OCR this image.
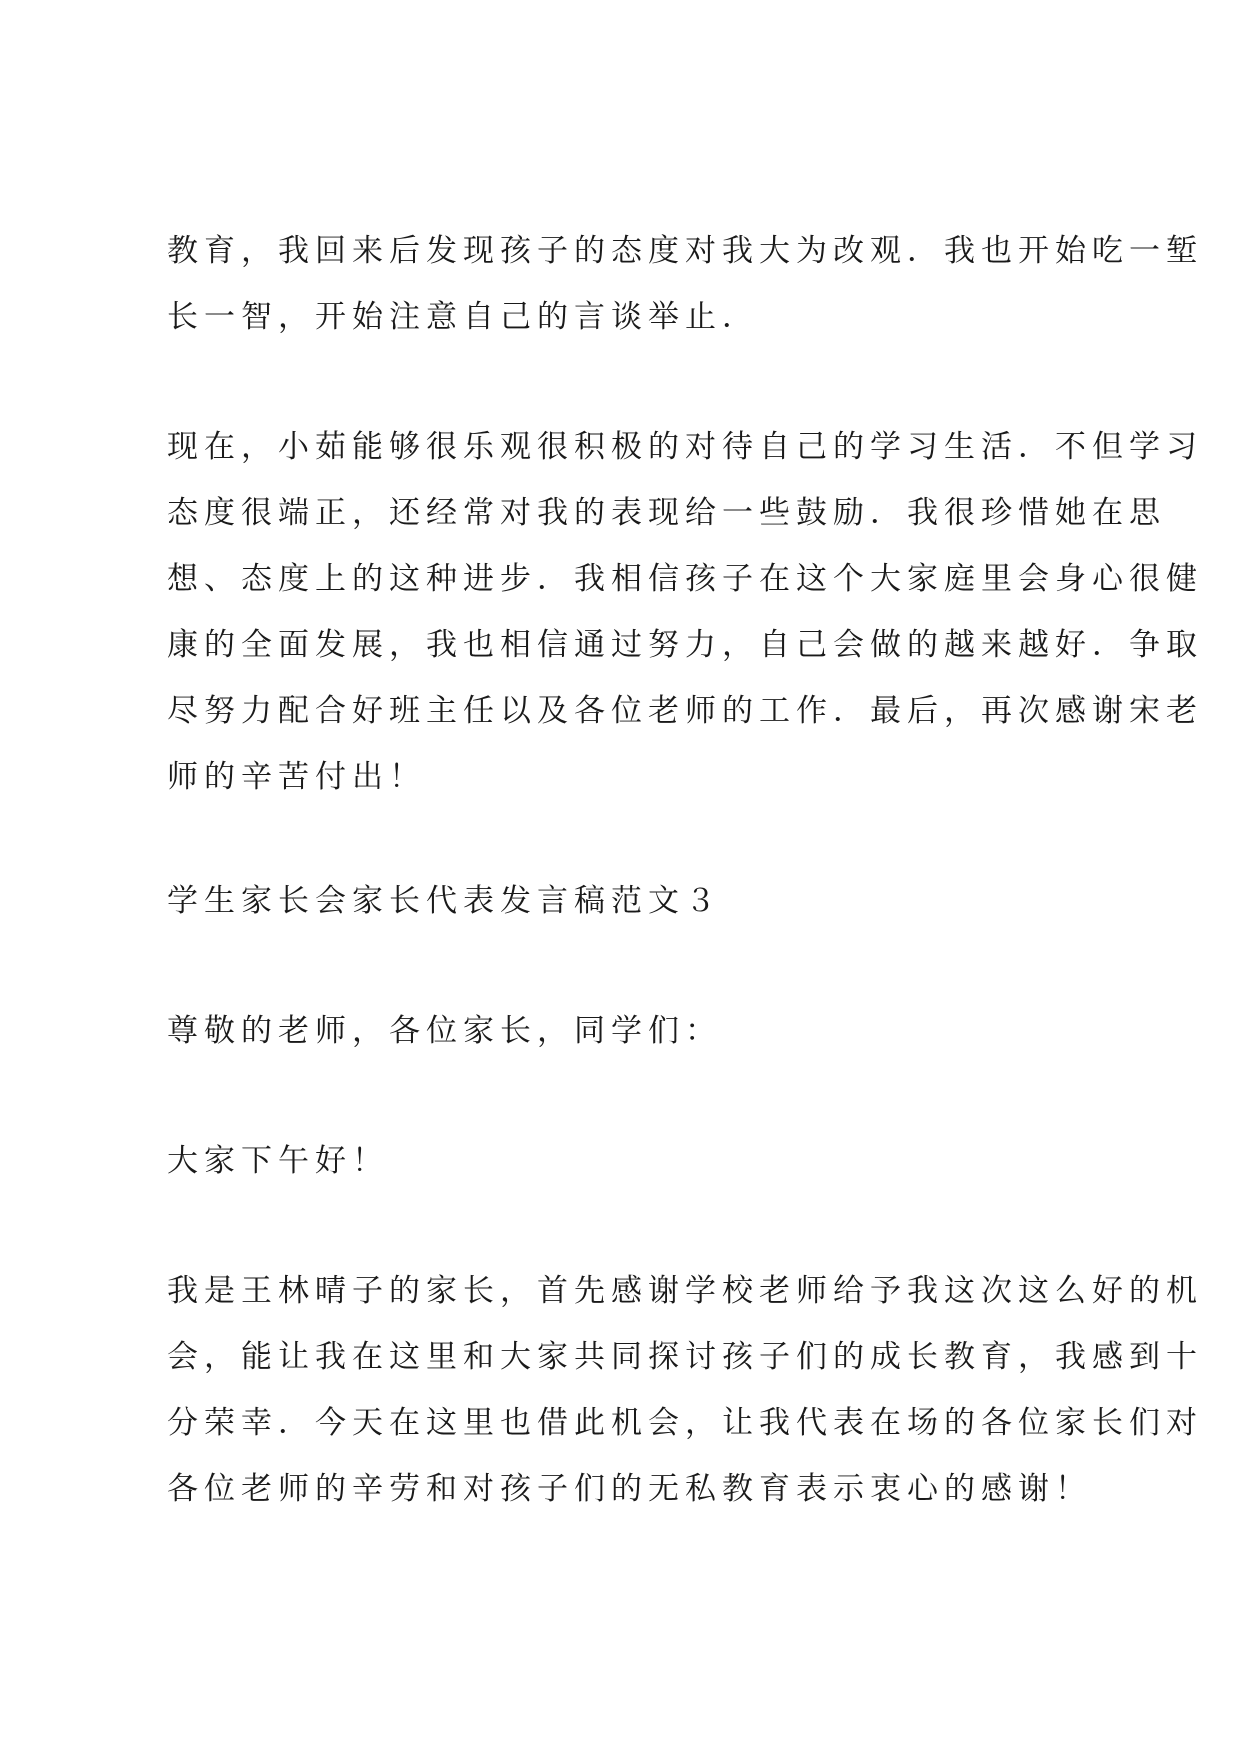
教育，我回来后发现孩子的态度对我大为改观．我也开始吃一堑
长一智，开始注意自己的言谈举止．

现在，小茹能够很乐观很积极的对待自己的学习生活．不但学习
态度很端正，还经常对我的表现给一些鼓励．我很珍惜她在思
想、态度上的这种进步．我相信孩子在这个大家庭里会身心很健
康的全面发展，我也相信通过努力，自己会做的越来越好．争取
尽努力配合好班主任以及各位老师的工作．最后，再次感谢宋老
师的辛苦付出！

学生家长会家长代表发言稿范文３

尊敬的老师，各位家长，同学们：

大家下午好！

我是王林晴子的家长，首先感谢学校老师给予我这次这么好的机
会，能让我在这里和大家共同探讨孩子们的成长教育，我感到十
分荣幸．今天在这里也借此机会，让我代表在场的各位家长们对
各位老师的辛劳和对孩子们的无私教育表示衷心的感谢！
